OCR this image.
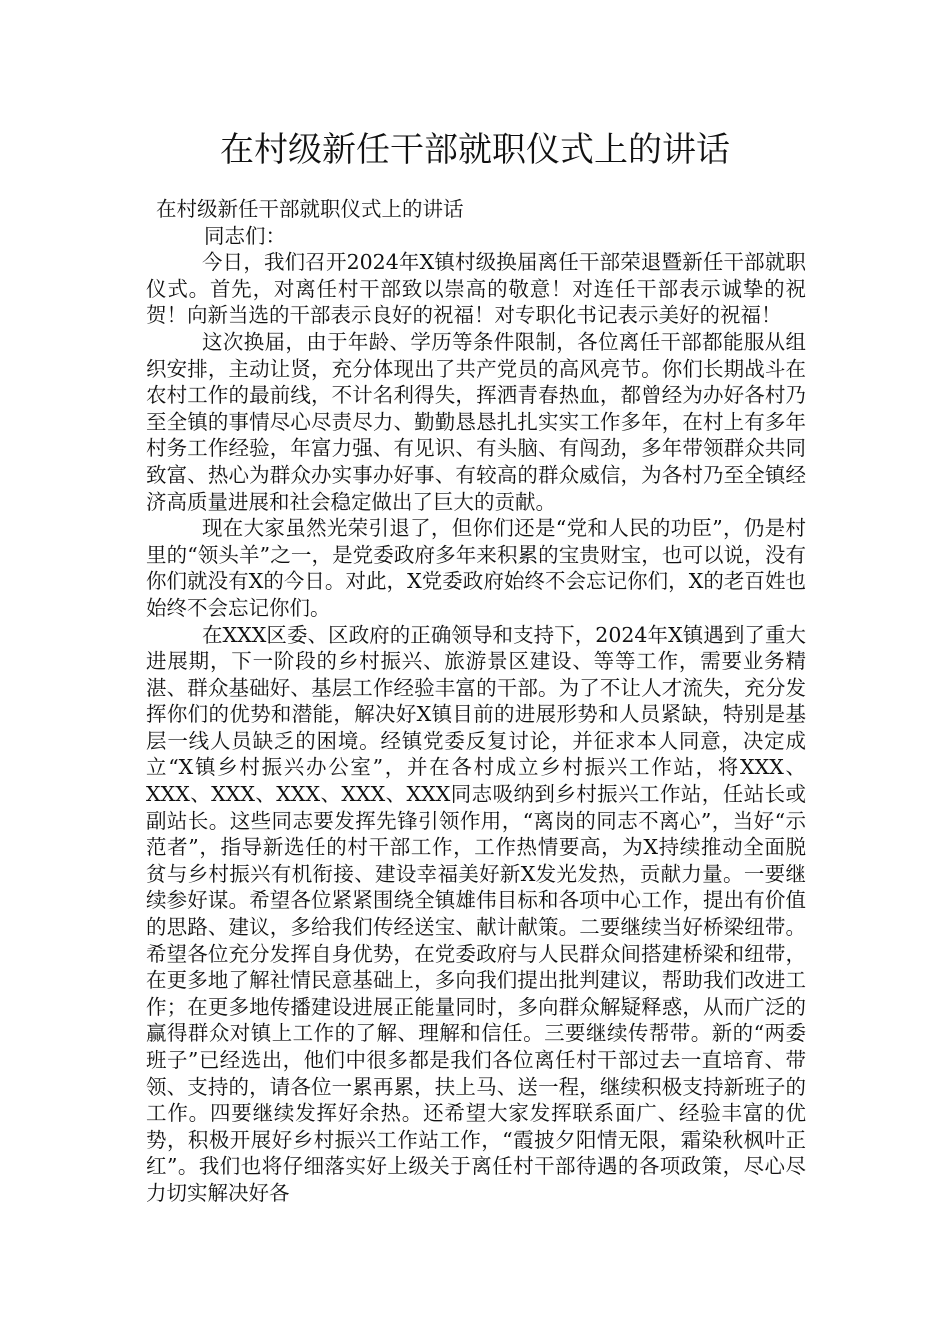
在村级新任干部就职仪式上的讲话

在村级新任干部就职仪式上的讲话

同志们：

今日，我们召开2024年X镇村级换届离任干部荣退暨新任干部就职仪式。首先，对离任村干部致以崇高的敬意！对连任干部表示诚挚的祝贺！向新当选的干部表示良好的祝福！对专职化书记表示美好的祝福！

这次换届，由于年龄、学历等条件限制，各位离任干部都能服从组织安排，主动让贤，充分体现出了共产党员的高风亮节。你们长期战斗在农村工作的最前线，不计名利得失，挥洒青春热血，都曾经为办好各村乃至全镇的事情尽心尽责尽力、勤勤恳恳扎扎实实工作多年，在村上有多年村务工作经验，年富力强、有见识、有头脑、有闯劲，多年带领群众共同致富、热心为群众办实事办好事、有较高的群众威信，为各村乃至全镇经济高质量进展和社会稳定做出了巨大的贡献。

现在大家虽然光荣引退了，但你们还是“党和人民的功臣”，仍是村里的“领头羊”之一，是党委政府多年来积累的宝贵财宝，也可以说，没有你们就没有X的今日。对此，X党委政府始终不会忘记你们，X的老百姓也始终不会忘记你们。

在XXX区委、区政府的正确领导和支持下，2024年X镇遇到了重大进展期，下一阶段的乡村振兴、旅游景区建设、等等工作，需要业务精湛、群众基础好、基层工作经验丰富的干部。为了不让人才流失，充分发挥你们的优势和潜能，解决好X镇目前的进展形势和人员紧缺，特别是基层一线人员缺乏的困境。经镇党委反复讨论，并征求本人同意，决定成立“X镇乡村振兴办公室”，并在各村成立乡村振兴工作站，将XXX、XXX、XXX、XXX、XXX、XXX同志吸纳到乡村振兴工作站，任站长或副站长。这些同志要发挥先锋引领作用，“离岗的同志不离心”，当好“示范者”，指导新选任的村干部工作，工作热情要高，为X持续推动全面脱贫与乡村振兴有机衔接、建设幸福美好新X发光发热，贡献力量。一要继续参好谋。希望各位紧紧围绕全镇雄伟目标和各项中心工作，提出有价值的思路、建议，多给我们传经送宝、献计献策。二要继续当好桥梁纽带。希望各位充分发挥自身优势，在党委政府与人民群众间搭建桥梁和纽带，在更多地了解社情民意基础上，多向我们提出批判建议，帮助我们改进工作；在更多地传播建设进展正能量同时，多向群众解疑释惑，从而广泛的赢得群众对镇上工作的了解、理解和信任。三要继续传帮带。新的“两委班子”已经选出，他们中很多都是我们各位离任村干部过去一直培育、带领、支持的，请各位一累再累，扶上马、送一程，继续积极支持新班子的工作。四要继续发挥好余热。还希望大家发挥联系面广、经验丰富的优势，积极开展好乡村振兴工作站工作，“霞披夕阳情无限，霜染秋枫叶正红”。我们也将仔细落实好上级关于离任村干部待遇的各项政策，尽心尽力切实解决好各
